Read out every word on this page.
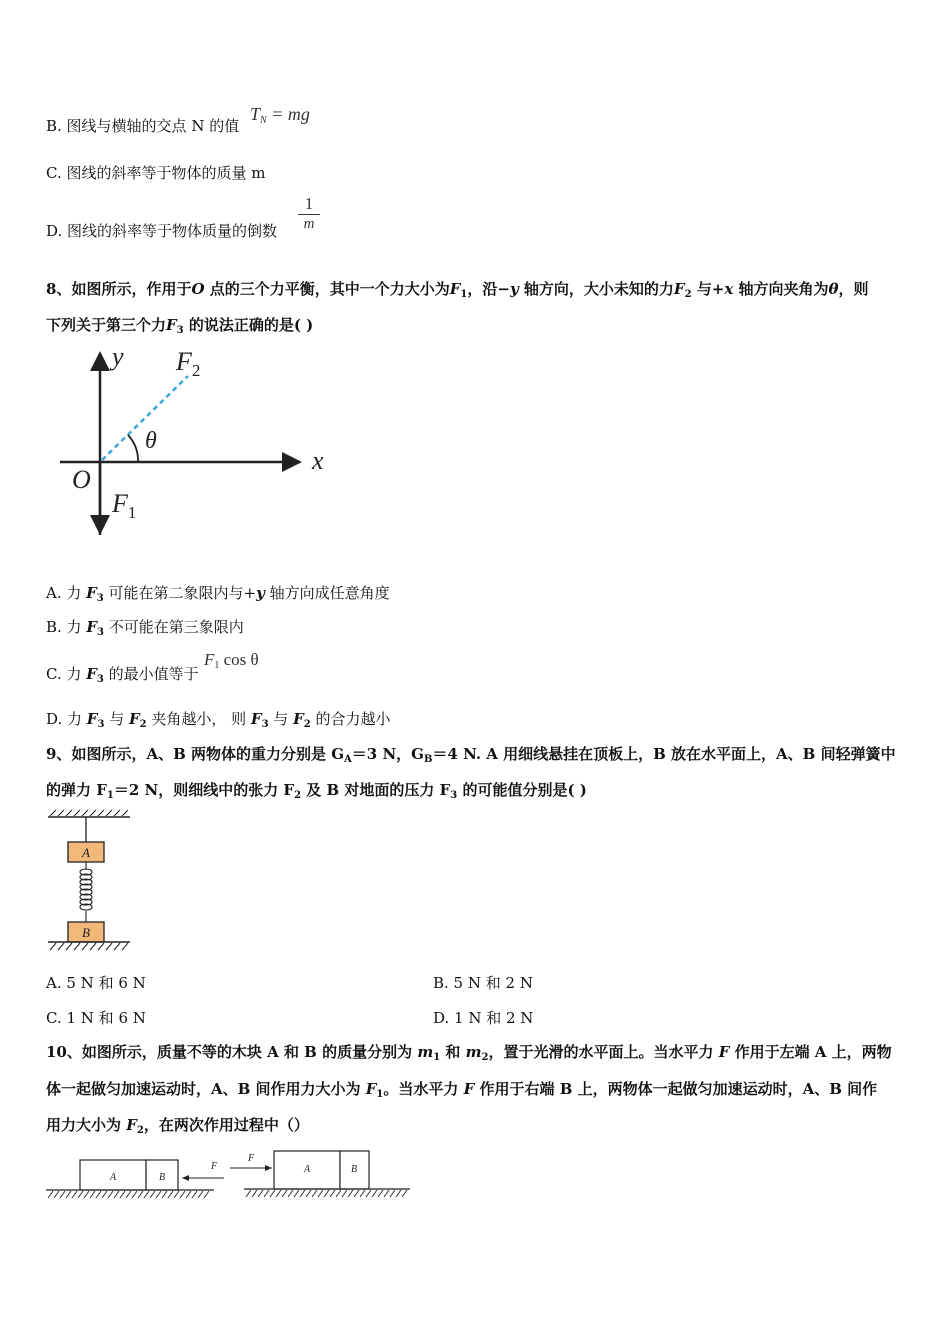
B. 图线与横轴的交点 N 的值
$T_N$ = mg
C. 图线的斜率等于物体的质量 m
D. 图线的斜率等于物体质量的倒数
1
m
8、如图所示，作用于O 点的三个力平衡，其中一个力大小为$F_1$，沿−y 轴方向，大小未知的力$F_2$ 与+x 轴方向夹角为θ，则
下列关于第三个力$F_3$ 的说法正确的是( )
y
x
O
θ
$F_2$
$F_1$
A. 力 $F_3$ 可能在第二象限内与+y 轴方向成任意角度
B. 力 $F_3$ 不可能在第三象限内
C. 力 $F_3$ 的最小值等于
$F_1$ cos θ
D. 力 $F_3$ 与 $F_2$ 夹角越小， 则 $F_3$ 与 $F_2$ 的合力越小
9、如图所示，A、B 两物体的重力分别是 $G_A=3$ N，$G_B=4$ N. A 用细线悬挂在顶板上，B 放在水平面上，A、B 间轻弹簧中
的弹力 $F_1=2$ N，则细线中的张力 $F_2$ 及 B 对地面的压力 $F_3$ 的可能值分别是( )
A
B
A. 5 N 和 6 N	B. 5 N 和 2 N
C. 1 N 和 6 N	D. 1 N 和 2 N
10、如图所示，质量不等的木块 A 和 B 的质量分别为 $m_1$ 和 $m_2$，置于光滑的水平面上。当水平力 F 作用于左端 A 上，两物
体一起做匀加速运动时，A、B 间作用力大小为 $F_1$。当水平力 F 作用于右端 B 上，两物体一起做匀加速运动时，A、B 间作
用力大小为 $F_2$，在两次作用过程中（）
A	B
F
F
A	B
